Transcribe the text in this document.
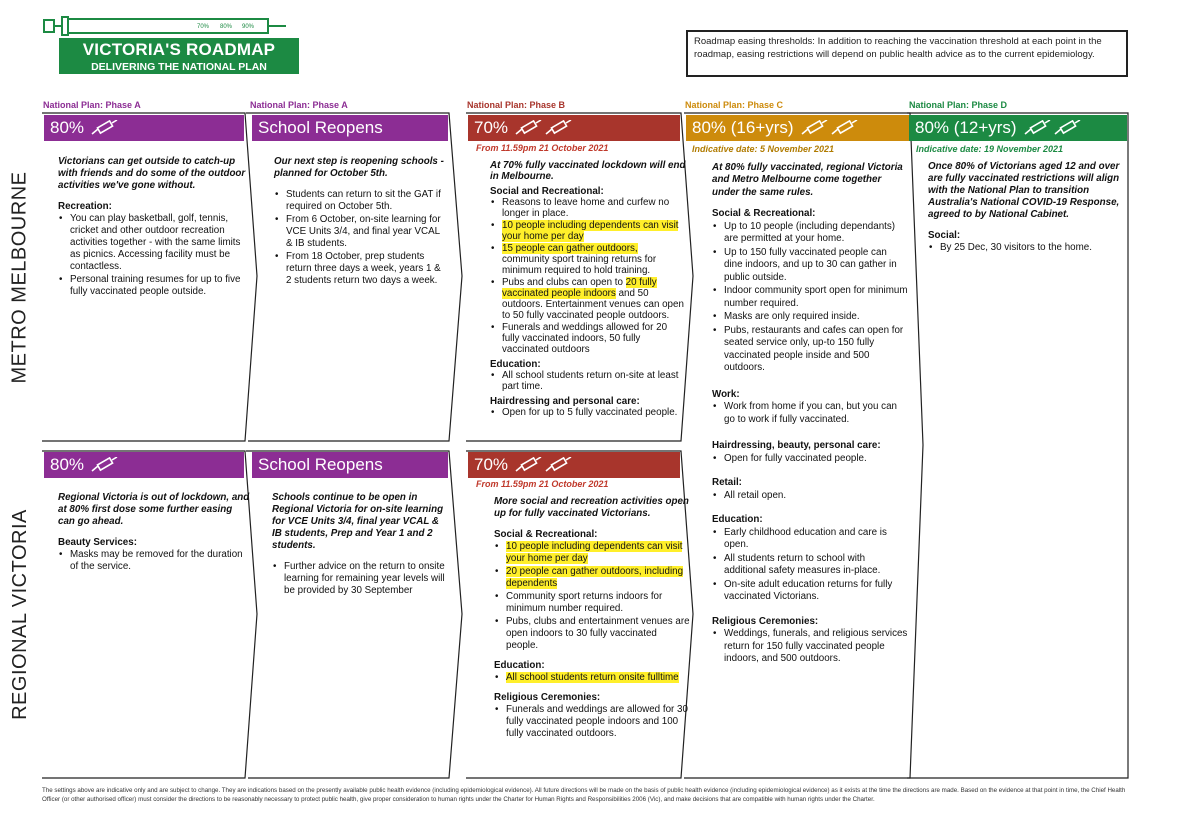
70% 80% 90%
VICTORIA'S ROADMAP
DELIVERING THE NATIONAL PLAN
Roadmap easing thresholds: In addition to reaching the vaccination threshold at each point in the roadmap, easing restrictions will depend on public health advice as to the current epidemiology.
METRO MELBOURNE
REGIONAL VICTORIA
National Plan: Phase A	National Plan: Phase A	National Plan: Phase B	National Plan: Phase C	National Plan: Phase D
80%	School Reopens	70%	80% (16+yrs)	80% (12+yrs)
80%	School Reopens	70%
Victorians can get outside to catch-up with friends and do some of the outdoor activities we've gone without.
Recreation:
• You can play basketball, golf, tennis, cricket and other outdoor recreation activities together - with the same limits as picnics. Accessing facility must be contactless.
• Personal training resumes for up to five fully vaccinated people outside.
Our next step is reopening schools - planned for October 5th.
• Students can return to sit the GAT if required on October 5th.
• From 6 October, on-site learning for VCE Units 3/4, and final year VCAL & IB students.
• From 18 October, prep students return three days a week, years 1 & 2 students return two days a week.
From 11.59pm 21 October 2021
At 70% fully vaccinated lockdown will end in Melbourne.
Social and Recreational:
• Reasons to leave home and curfew no longer in place.
• 10 people including dependents can visit your home per day
• 15 people can gather outdoors, community sport training returns for minimum required to hold training.
• Pubs and clubs can open to 20 fully vaccinated people indoors and 50 outdoors. Entertainment venues can open to 50 fully vaccinated people outdoors.
• Funerals and weddings allowed for 20 fully vaccinated indoors, 50 fully vaccinated outdoors
Education:
• All school students return on-site at least part time.
Hairdressing and personal care:
• Open for up to 5 fully vaccinated people.
Regional Victoria is out of lockdown, and at 80% first dose some further easing can go ahead.
Beauty Services:
• Masks may be removed for the duration of the service.
Schools continue to be open in Regional Victoria for on-site learning for VCE Units 3/4, final year VCAL & IB students, Prep and Year 1 and 2 students.
• Further advice on the return to onsite learning for remaining year levels will be provided by 30 September
From 11.59pm 21 October 2021
More social and recreation activities open up for fully vaccinated Victorians.
Social & Recreational:
• 10 people including dependents can visit your home per day
• 20 people can gather outdoors, including dependents
• Community sport returns indoors for minimum number required.
• Pubs, clubs and entertainment venues are open indoors to 30 fully vaccinated people.
Education:
• All school students return onsite fulltime
Religious Ceremonies:
• Funerals and weddings are allowed for 30 fully vaccinated people indoors and 100 fully vaccinated outdoors.
Indicative date: 5 November 2021
At 80% fully vaccinated, regional Victoria and Metro Melbourne come together under the same rules.
Social & Recreational:
• Up to 10 people (including dependants) are permitted at your home.
• Up to 150 fully vaccinated people can dine indoors, and up to 30 can gather in public outside.
• Indoor community sport open for minimum number required.
• Masks are only required inside.
• Pubs, restaurants and cafes can open for seated service only, up-to 150 fully vaccinated people inside and 500 outdoors.
Work:
• Work from home if you can, but you can go to work if fully vaccinated.
Hairdressing, beauty, personal care:
• Open for fully vaccinated people.
Retail:
• All retail open.
Education:
• Early childhood education and care is open.
• All students return to school with additional safety measures in-place.
• On-site adult education returns for fully vaccinated Victorians.
Religious Ceremonies:
• Weddings, funerals, and religious services return for 150 fully vaccinated people indoors, and 500 outdoors.
Indicative date: 19 November 2021
Once 80% of Victorians aged 12 and over are fully vaccinated restrictions will align with the National Plan to transition Australia's National COVID-19 Response, agreed to by National Cabinet.
Social:
• By 25 Dec, 30 visitors to the home.
The settings above are indicative only and are subject to change. They are indications based on the presently available public health evidence (including epidemiological evidence). All future directions will be made on the basis of public health evidence (including epidemiological evidence) as it exists at the time the directions are made. Based on the evidence at that point in time, the Chief Health Officer (or other authorised officer) must consider the directions to be reasonably necessary to protect public health, give proper consideration to human rights under the Charter for Human Rights and Responsibilities 2006 (Vic), and make decisions that are compatible with human rights under the Charter.
